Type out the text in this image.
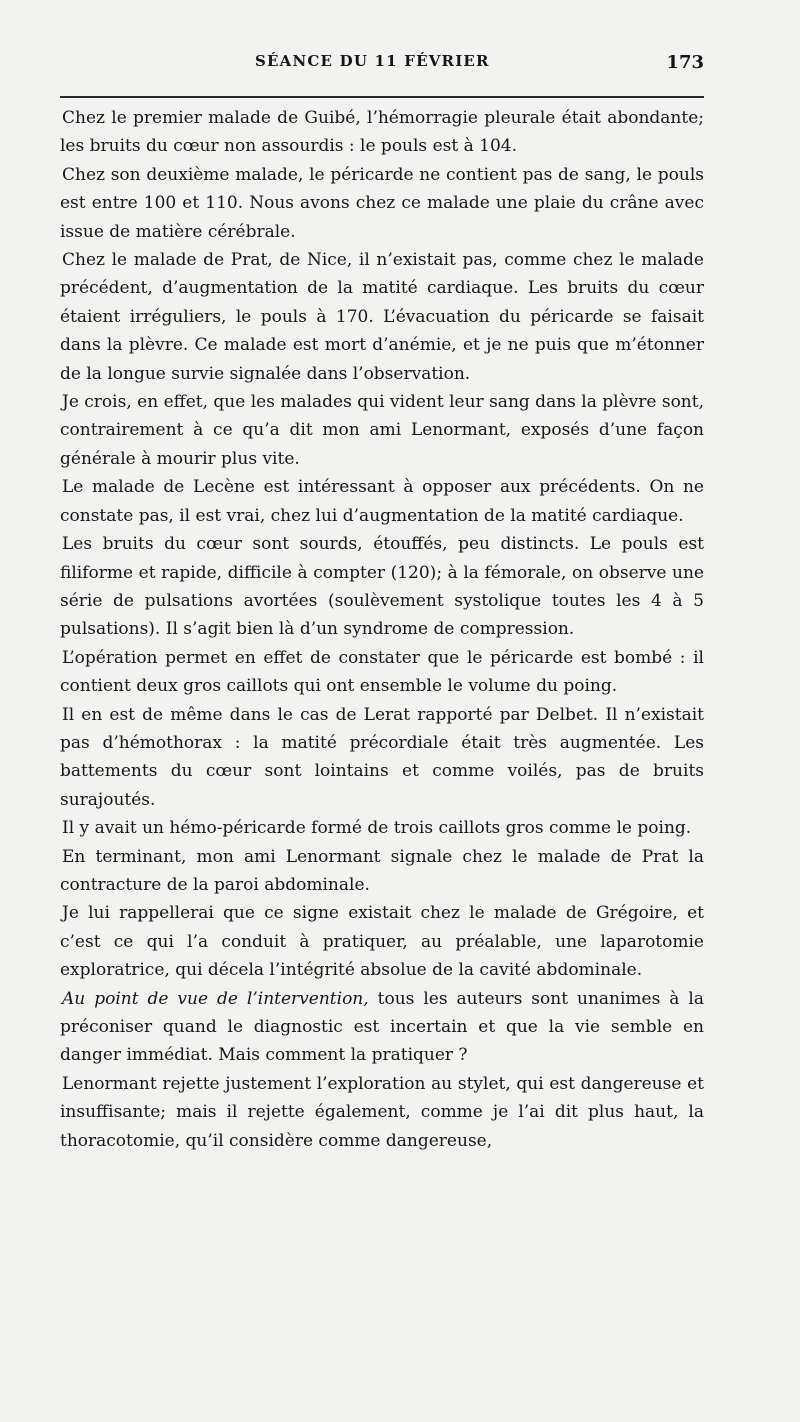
SÉANCE DU 11 FÉVRIER	173

Chez le premier malade de Guibé, l’hémorragie pleurale était abondante; les bruits du cœur non assourdis : le pouls est à 104.

Chez son deuxième malade, le péricarde ne contient pas de sang, le pouls est entre 100 et 110. Nous avons chez ce malade une plaie du crâne avec issue de matière cérébrale.

Chez le malade de Prat, de Nice, il n’existait pas, comme chez le malade précédent, d’augmentation de la matité cardiaque. Les bruits du cœur étaient irréguliers, le pouls à 170. L’évacuation du péricarde se faisait dans la plèvre. Ce malade est mort d’anémie, et je ne puis que m’étonner de la longue survie signalée dans l’observation.

Je crois, en effet, que les malades qui vident leur sang dans la plèvre sont, contrairement à ce qu’a dit mon ami Lenormant, exposés d’une façon générale à mourir plus vite.

Le malade de Lecène est intéressant à opposer aux précédents. On ne constate pas, il est vrai, chez lui d’augmentation de la matité cardiaque.

Les bruits du cœur sont sourds, étouffés, peu distincts. Le pouls est filiforme et rapide, difficile à compter (120); à la fémorale, on observe une série de pulsations avortées (soulèvement systolique toutes les 4 à 5 pulsations). Il s’agit bien là d’un syndrome de compression.

L’opération permet en effet de constater que le péricarde est bombé : il contient deux gros caillots qui ont ensemble le volume du poing.

Il en est de même dans le cas de Lerat rapporté par Delbet. Il n’existait pas d’hémothorax : la matité précordiale était très augmentée. Les battements du cœur sont lointains et comme voilés, pas de bruits surajoutés.

Il y avait un hémo-péricarde formé de trois caillots gros comme le poing.

En terminant, mon ami Lenormant signale chez le malade de Prat la contracture de la paroi abdominale.

Je lui rappellerai que ce signe existait chez le malade de Grégoire, et c’est ce qui l’a conduit à pratiquer, au préalable, une laparotomie exploratrice, qui décela l’intégrité absolue de la cavité abdominale.

Au point de vue de l’intervention, tous les auteurs sont unanimes à la préconiser quand le diagnostic est incertain et que la vie semble en danger immédiat. Mais comment la pratiquer ?

Lenormant rejette justement l’exploration au stylet, qui est dangereuse et insuffisante; mais il rejette également, comme je l’ai dit plus haut, la thoracotomie, qu’il considère comme dangereuse,
